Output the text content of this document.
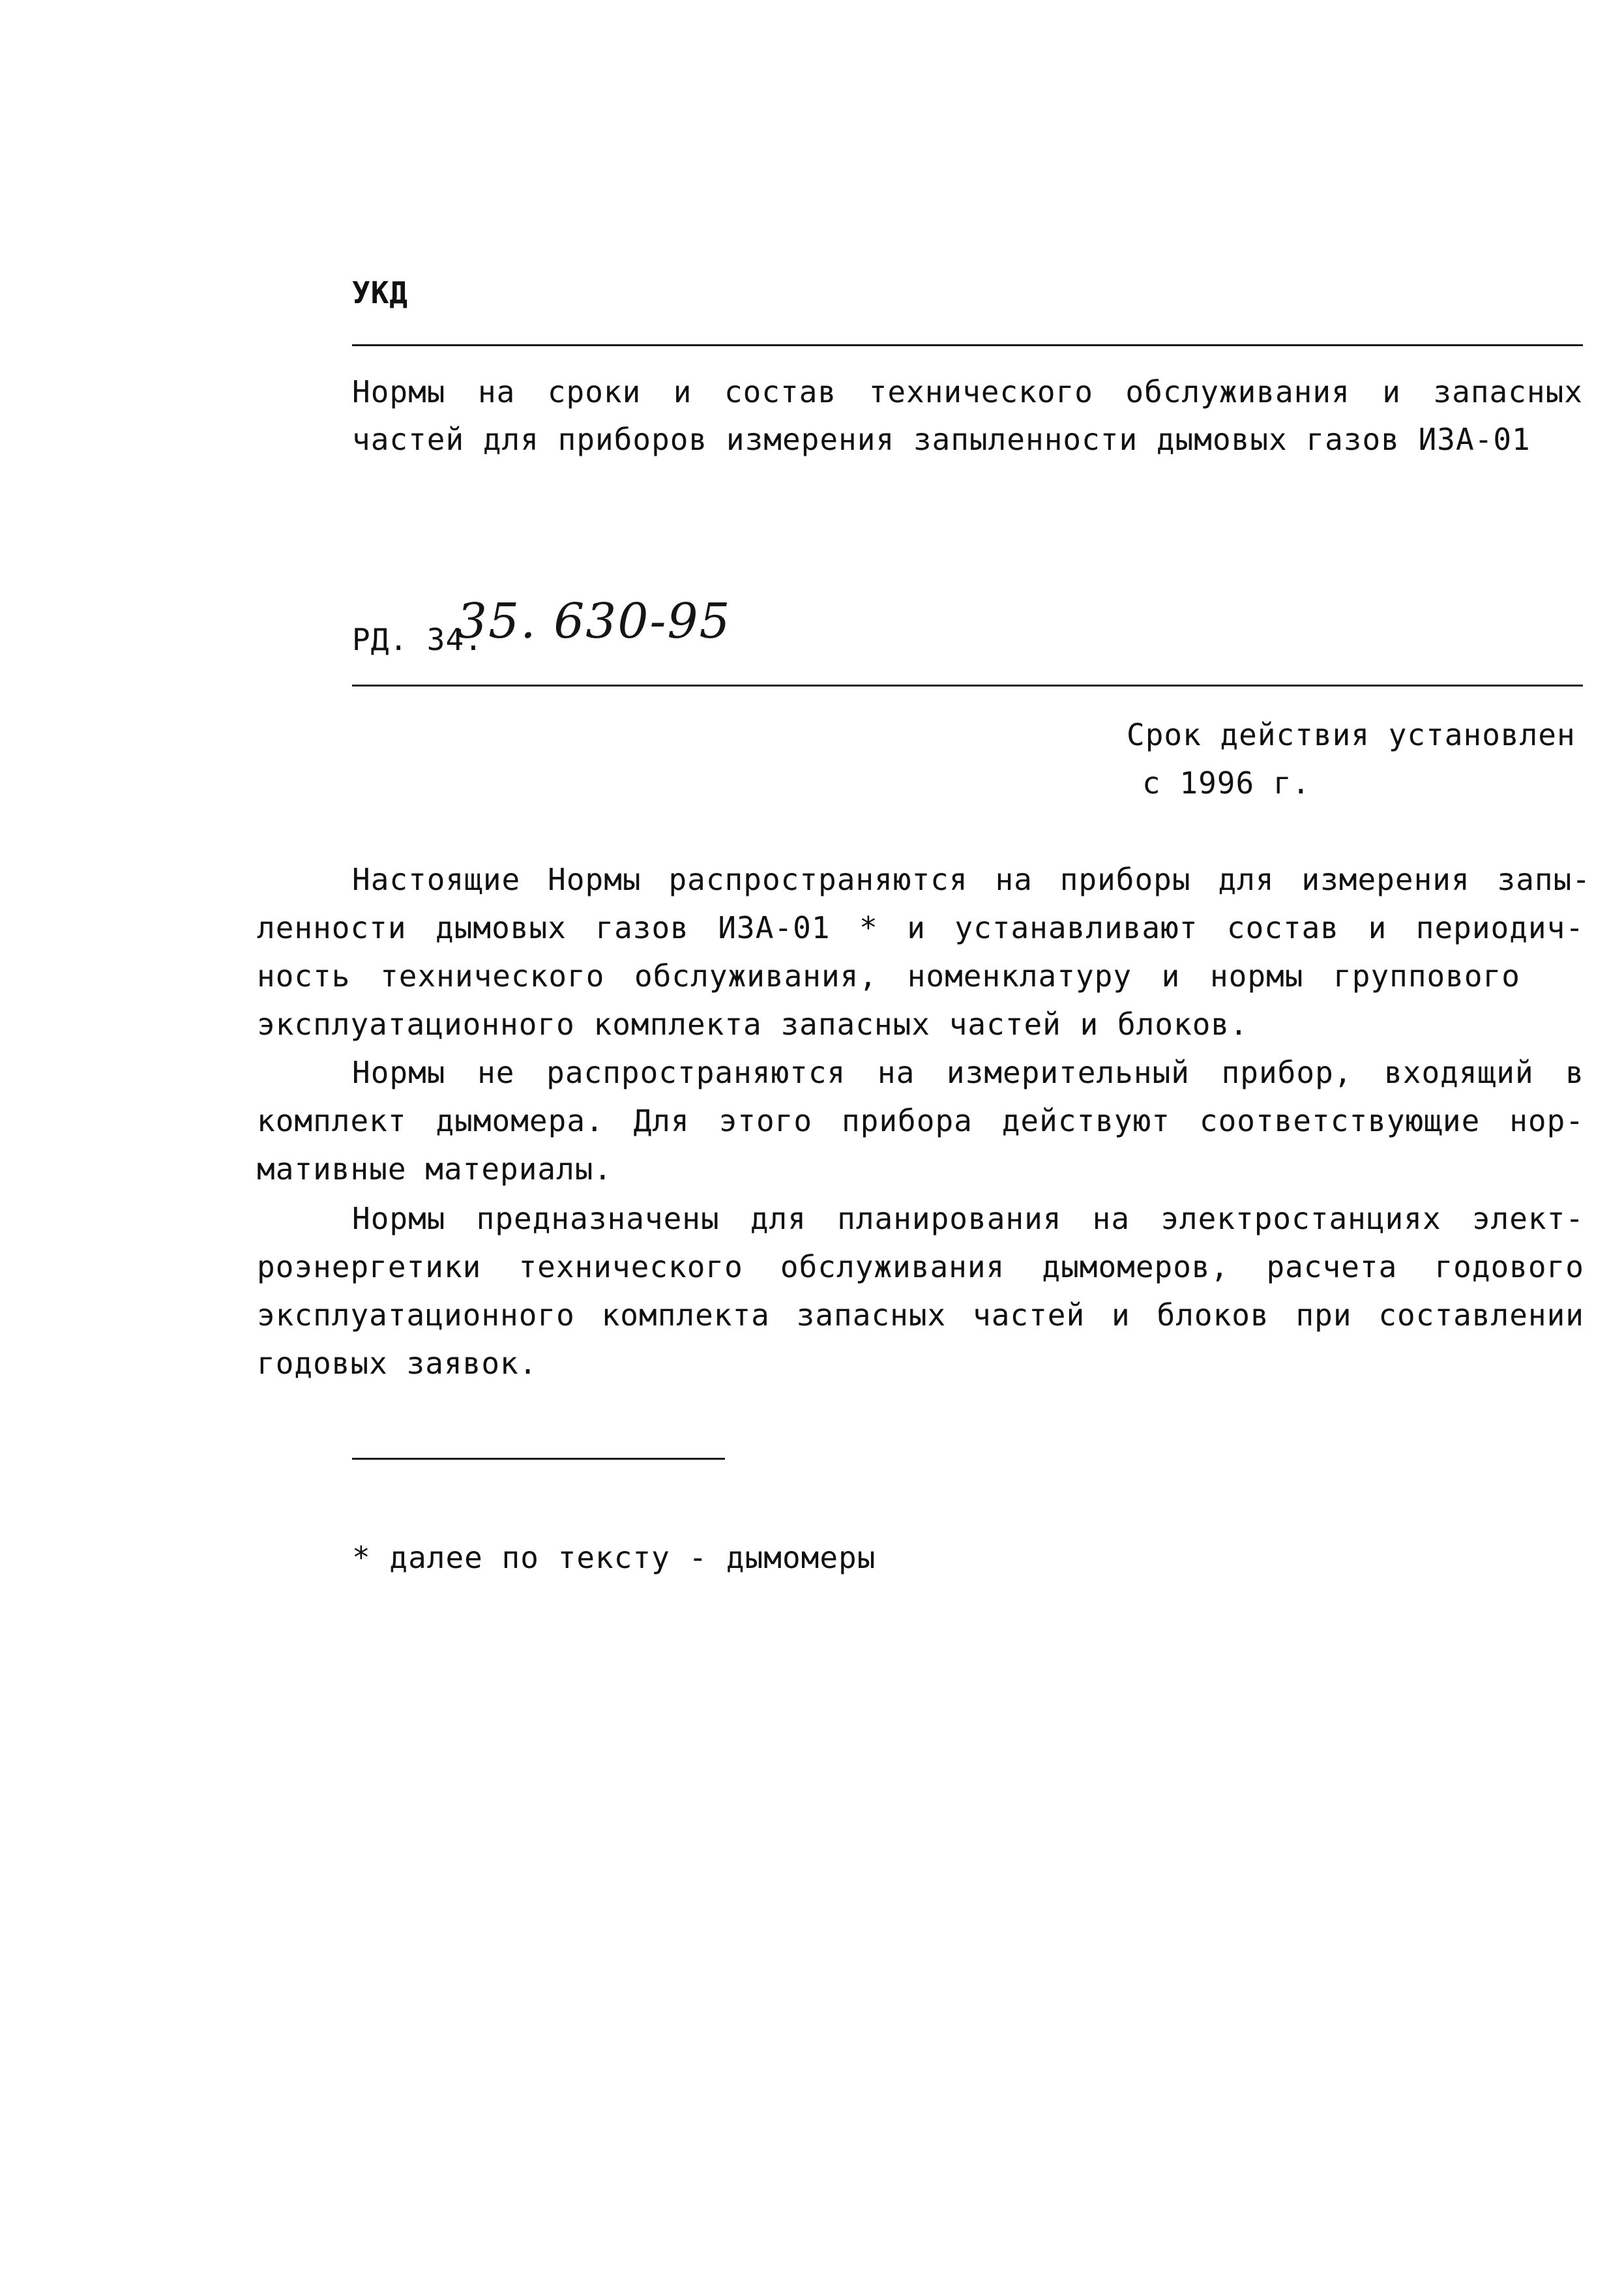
УКД
Нормы на сроки и состав технического обслуживания и запасных
частей для приборов измерения запыленности дымовых газов ИЗА-01
РД. 34.
35. 630-95
Срок действия установлен
с 1996 г.
Настоящие Нормы распространяются на приборы для измерения запы-
ленности дымовых газов ИЗА-01 * и устанавливают состав и периодич-
ность технического обслуживания, номенклатуру и нормы группового
эксплуатационного комплекта запасных частей и блоков.
Нормы не распространяются на измерительный прибор, входящий в
комплект дымомера. Для этого прибора действуют соответствующие нор-
мативные материалы.
Нормы предназначены для планирования на электростанциях элект-
роэнергетики технического обслуживания дымомеров, расчета годового
эксплуатационного комплекта запасных частей и блоков при составлении
годовых заявок.
* далее по тексту - дымомеры
